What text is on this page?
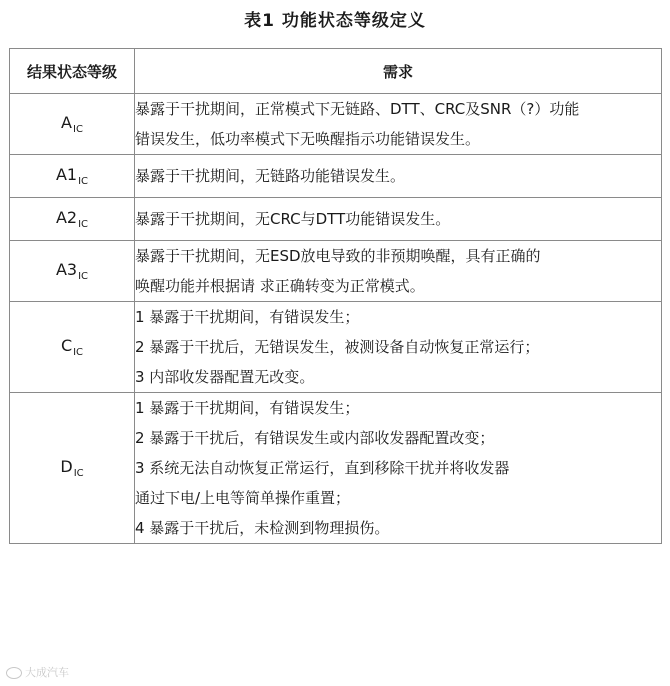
表1 功能状态等级定义
结果状态等级	需求
$A_{IC}$	暴露于干扰期间，正常模式下无链路、DTT、CRC及SNR（?）功能
错误发生，低功率模式下无唤醒指示功能错误发生。

$A1_{IC}$	暴露于干扰期间，无链路功能错误发生。

$A2_{IC}$	暴露于干扰期间，无CRC与DTT功能错误发生。

$A3_{IC}$	暴露于干扰期间，无ESD放电导致的非预期唤醒，具有正确的
唤醒功能并根据请 求正确转变为正常模式。

$C_{IC}$	1 暴露于干扰期间，有错误发生；
2 暴露于干扰后，无错误发生，被测设备自动恢复正常运行；
3 内部收发器配置无改变。

$D_{IC}$	1 暴露于干扰期间，有错误发生；
2 暴露于干扰后，有错误发生或内部收发器配置改变；
3 系统无法自动恢复正常运行，直到移除干扰并将收发器
通过下电/上电等简单操作重置；
4 暴露于干扰后，未检测到物理损伤。
大成汽车
